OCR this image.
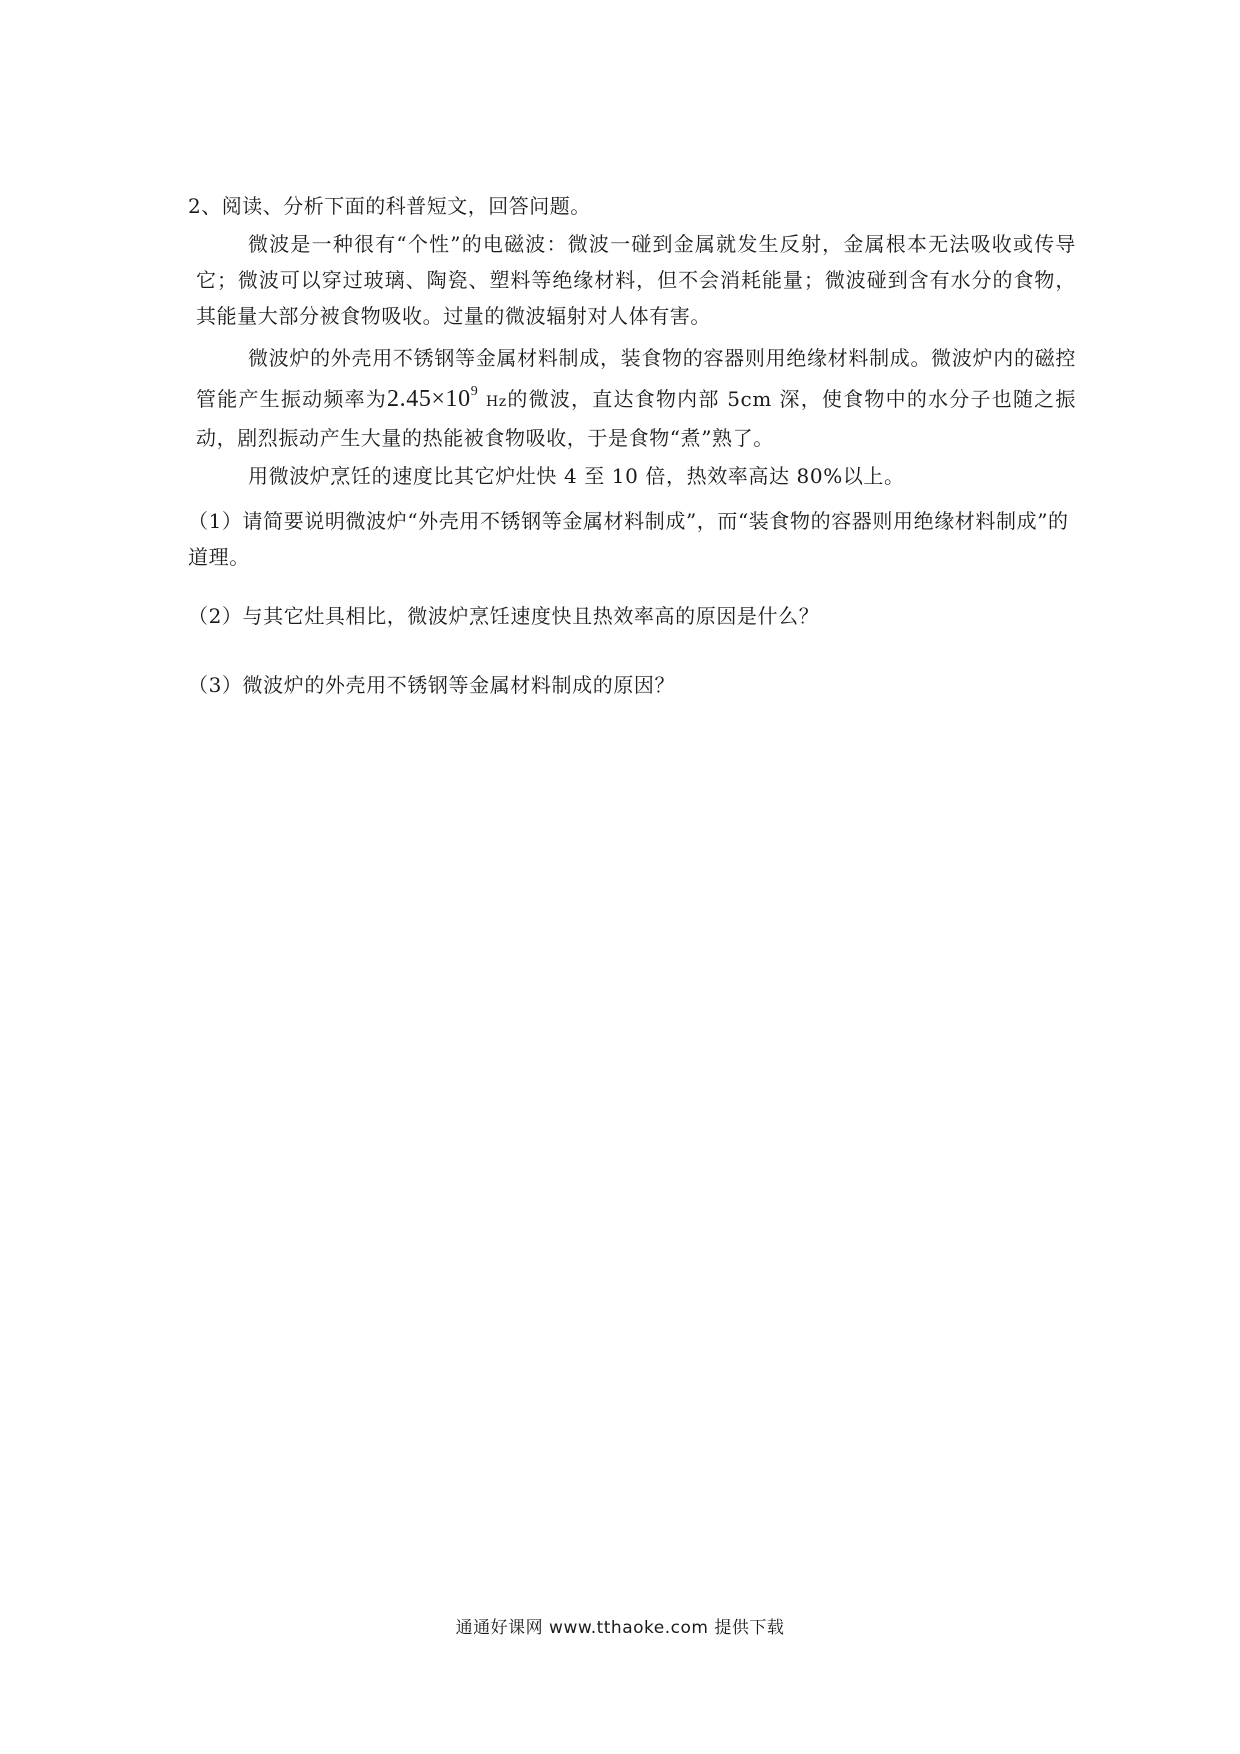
2、阅读、分析下面的科普短文，回答问题。

微波是一种很有“个性”的电磁波：微波一碰到金属就发生反射，金属根本无法吸收或传导它；微波可以穿过玻璃、陶瓷、塑料等绝缘材料，但不会消耗能量；微波碰到含有水分的食物，其能量大部分被食物吸收。过量的微波辐射对人体有害。

微波炉的外壳用不锈钢等金属材料制成，装食物的容器则用绝缘材料制成。微波炉内的磁控管能产生振动频率为$2.45\times 10^9$ Hz的微波，直达食物内部 5cm 深，使食物中的水分子也随之振动，剧烈振动产生大量的热能被食物吸收，于是食物“煮”熟了。

用微波炉烹饪的速度比其它炉灶快 4 至 10 倍，热效率高达 80%以上。

（1）请简要说明微波炉“外壳用不锈钢等金属材料制成”，而“装食物的容器则用绝缘材料制成”的道理。

（2）与其它灶具相比，微波炉烹饪速度快且热效率高的原因是什么？

（3）微波炉的外壳用不锈钢等金属材料制成的原因？

通通好课网 www.tthaoke.com 提供下载
